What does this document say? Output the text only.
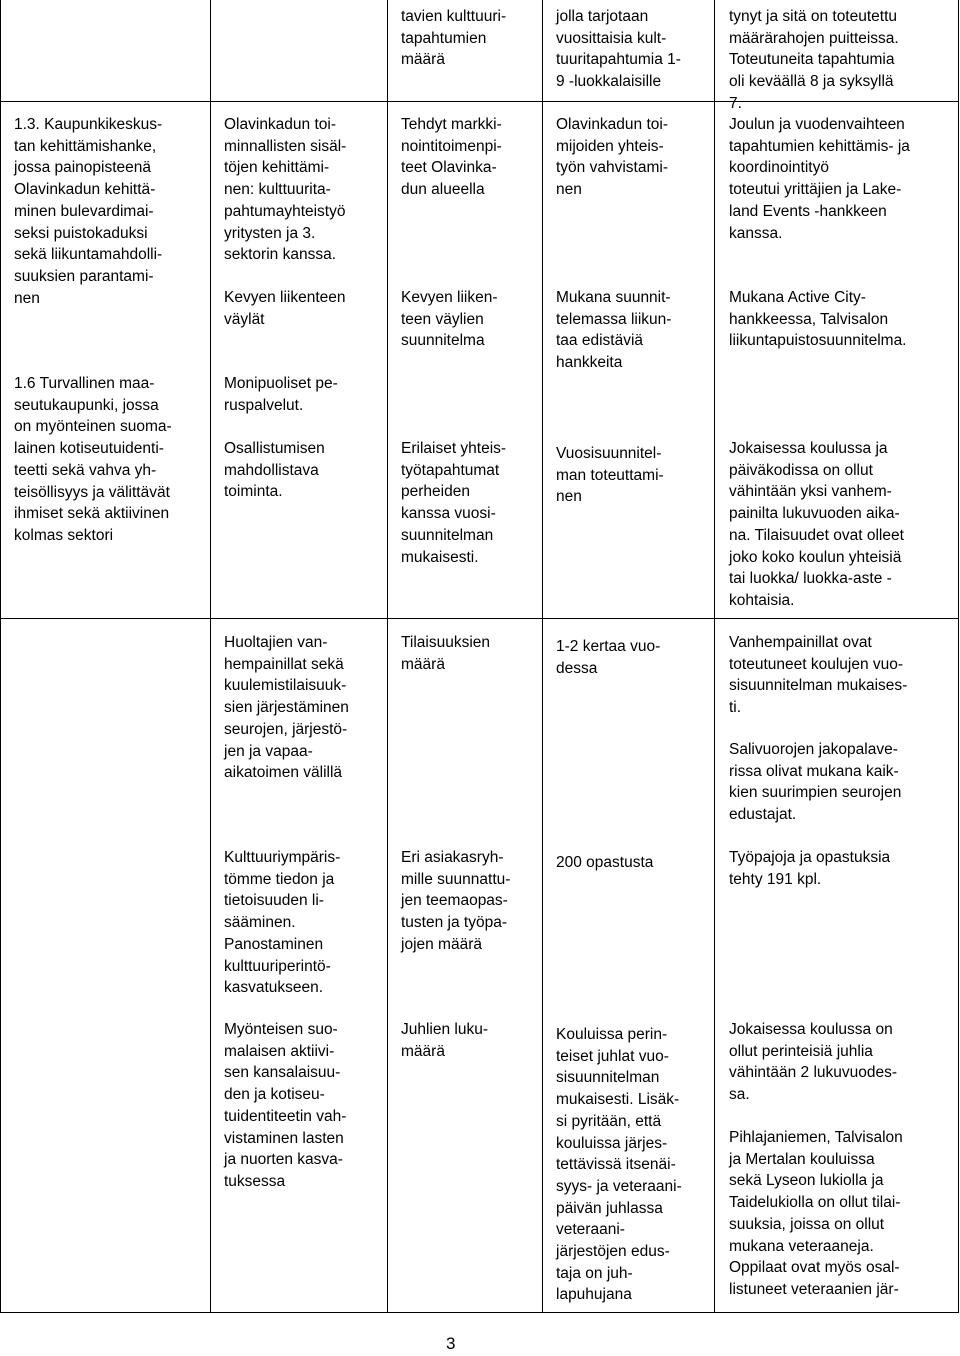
tavien kulttuuri-
tapahtumien
määrä
jolla tarjotaan
vuosittaisia kult-
tuuritapahtumia 1-
9 -luokkalaisille
tynyt ja sitä on toteutettu
määrärahojen puitteissa.
Toteutuneita tapahtumia
oli keväällä 8 ja syksyllä
7.
1.3. Kaupunkikeskus-
tan kehittämishanke,
jossa painopisteenä
Olavinkadun kehittä-
minen bulevardimai-
seksi puistokaduksi
sekä liikuntamahdolli-
suuksien parantami-
nen
Olavinkadun toi-
minnallisten sisäl-
töjen kehittämi-
nen: kulttuurita-
pahtumayhteistyö
yritysten ja 3.
sektorin kanssa.
Tehdyt markki-
nointitoimenpi-
teet Olavinka-
dun alueella
Olavinkadun toi-
mijoiden yhteis-
työn vahvistami-
nen
Joulun ja vuodenvaihteen
tapahtumien kehittämis- ja
koordinointityö
toteutui yrittäjien ja Lake-
land Events -hankkeen
kanssa.
Kevyen liikenteen
väylät
Kevyen liiken-
teen väylien
suunnitelma
Mukana suunnit-
telemassa liikun-
taa edistäviä
hankkeita
Mukana Active City-
hankkeessa, Talvisalon
liikuntapuistosuunnitelma.
1.6 Turvallinen maa-
seutukaupunki, jossa
on myönteinen suoma-
lainen kotiseutuidenti-
teetti sekä vahva yh-
teisöllisyys ja välittävät
ihmiset sekä aktiivinen
kolmas sektori
Monipuoliset pe-
ruspalvelut.
Osallistumisen
mahdollistava
toiminta.
Erilaiset yhteis-
työtapahtumat
perheiden
kanssa vuosi-
suunnitelman
mukaisesti.
Vuosisuunnitel-
man toteuttami-
nen
Jokaisessa koulussa ja
päiväkodissa on ollut
vähintään yksi vanhem-
painilta lukuvuoden aika-
na. Tilaisuudet ovat olleet
joko koko koulun yhteisiä
tai luokka/ luokka-aste -
kohtaisia.
Huoltajien van-
hempainillat sekä
kuulemistilaisuuk-
sien järjestäminen
seurojen, järjestö-
jen ja vapaa-
aikatoimen välillä
Tilaisuuksien
määrä
1-2 kertaa vuo-
dessa
Vanhempainillat ovat
toteutuneet koulujen vuo-
sisuunnitelman mukaises-
ti.
Salivuorojen jakopalave-
rissa olivat mukana kaik-
kien suurimpien seurojen
edustajat.
Kulttuuriympäris-
tömme tiedon ja
tietoisuuden li-
sääminen.
Panostaminen
kulttuuriperintö-
kasvatukseen.
Eri asiakasryh-
mille suunnattu-
jen teemaopas-
tusten ja työpa-
jojen määrä
200 opastusta	Työpajoja ja opastuksia
tehty 191 kpl.
Myönteisen suo-
malaisen aktiivi-
sen kansalaisuu-
den ja kotiseu-
tuidentiteetin vah-
vistaminen lasten
ja nuorten kasva-
tuksessa
Juhlien luku-
määrä
Kouluissa perin-
teiset juhlat vuo-
sisuunnitelman
mukaisesti. Lisäk-
si pyritään, että
kouluissa järjes-
tettävissä itsenäi-
syys- ja veteraani-
päivän juhlassa
veteraani-
järjestöjen edus-
taja on juh-
lapuhujana
Jokaisessa koulussa on
ollut perinteisiä juhlia
vähintään 2 lukuvuodes-
sa.
Pihlajaniemen, Talvisalon
ja Mertalan kouluissa
sekä Lyseon lukiolla ja
Taidelukiolla on ollut tilai-
suuksia, joissa on ollut
mukana veteraaneja.
Oppilaat ovat myös osal-
listuneet veteraanien jär-
3
